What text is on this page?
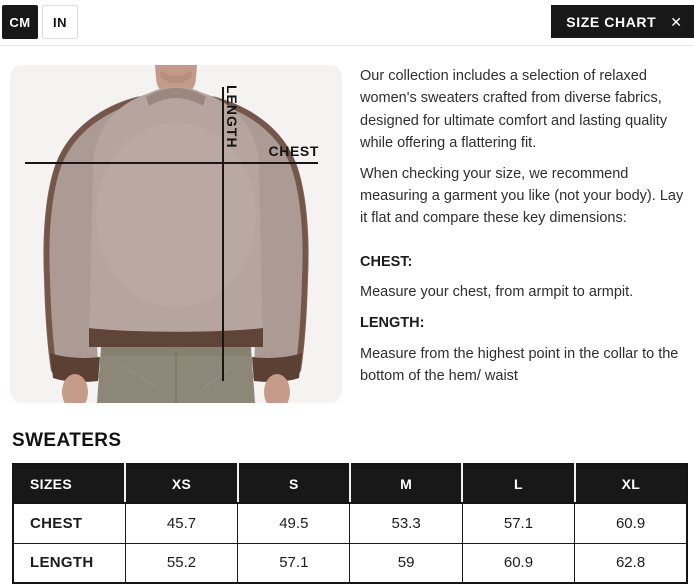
CM	IN	SIZE CHART ✕
LENGTH
CHEST

Our collection includes a selection of relaxed women's sweaters crafted from diverse fabrics, designed for ultimate comfort and lasting quality while offering a flattering fit.

When checking your size, we recommend measuring a garment you like (not your body). Lay it flat and compare these key dimensions:

CHEST:

Measure your chest, from armpit to armpit.

LENGTH:

Measure from the highest point in the collar to the bottom of the hem/ waist

SWEATERS
SIZES	XS	S	M	L	XL
CHEST	45.7	49.5	53.3	57.1	60.9
LENGTH	55.2	57.1	59	60.9	62.8
